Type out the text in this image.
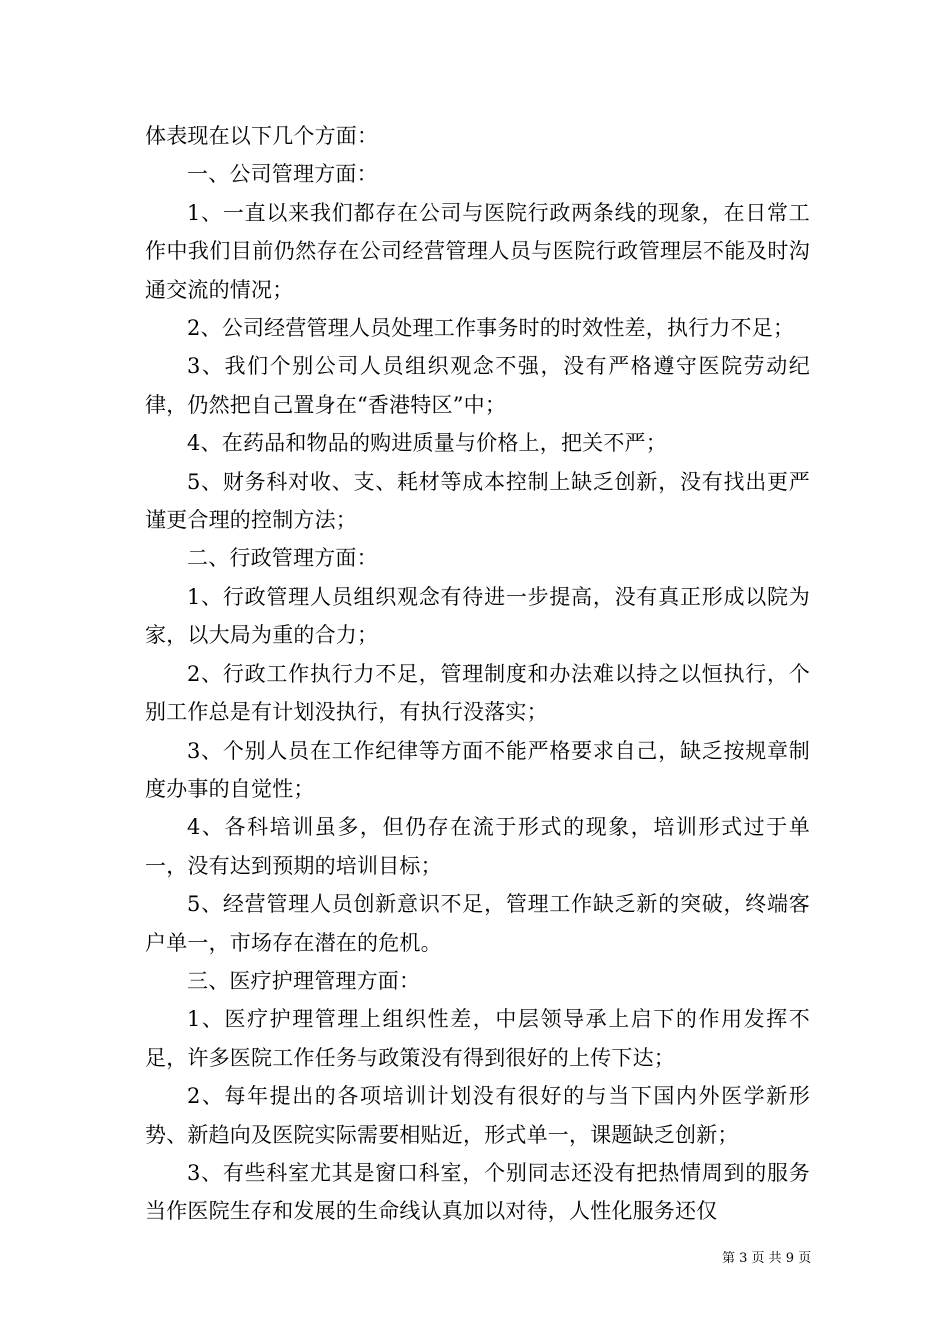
体表现在以下几个方面：

一、公司管理方面：

1、一直以来我们都存在公司与医院行政两条线的现象，在日常工作中我们目前仍然存在公司经营管理人员与医院行政管理层不能及时沟通交流的情况；

2、公司经营管理人员处理工作事务时的时效性差，执行力不足；

3、我们个别公司人员组织观念不强，没有严格遵守医院劳动纪律，仍然把自己置身在“香港特区”中；

4、在药品和物品的购进质量与价格上，把关不严；

5、财务科对收、支、耗材等成本控制上缺乏创新，没有找出更严谨更合理的控制方法；

二、行政管理方面：

1、行政管理人员组织观念有待进一步提高，没有真正形成以院为家，以大局为重的合力；

2、行政工作执行力不足，管理制度和办法难以持之以恒执行，个别工作总是有计划没执行，有执行没落实；

3、个别人员在工作纪律等方面不能严格要求自己，缺乏按规章制度办事的自觉性；

4、各科培训虽多，但仍存在流于形式的现象，培训形式过于单一，没有达到预期的培训目标；

5、经营管理人员创新意识不足，管理工作缺乏新的突破，终端客户单一，市场存在潜在的危机。

三、医疗护理管理方面：

1、医疗护理管理上组织性差，中层领导承上启下的作用发挥不足，许多医院工作任务与政策没有得到很好的上传下达；

2、每年提出的各项培训计划没有很好的与当下国内外医学新形势、新趋向及医院实际需要相贴近，形式单一，课题缺乏创新；

3、有些科室尤其是窗口科室，个别同志还没有把热情周到的服务当作医院生存和发展的生命线认真加以对待，人性化服务还仅

第 3 页 共 9 页
